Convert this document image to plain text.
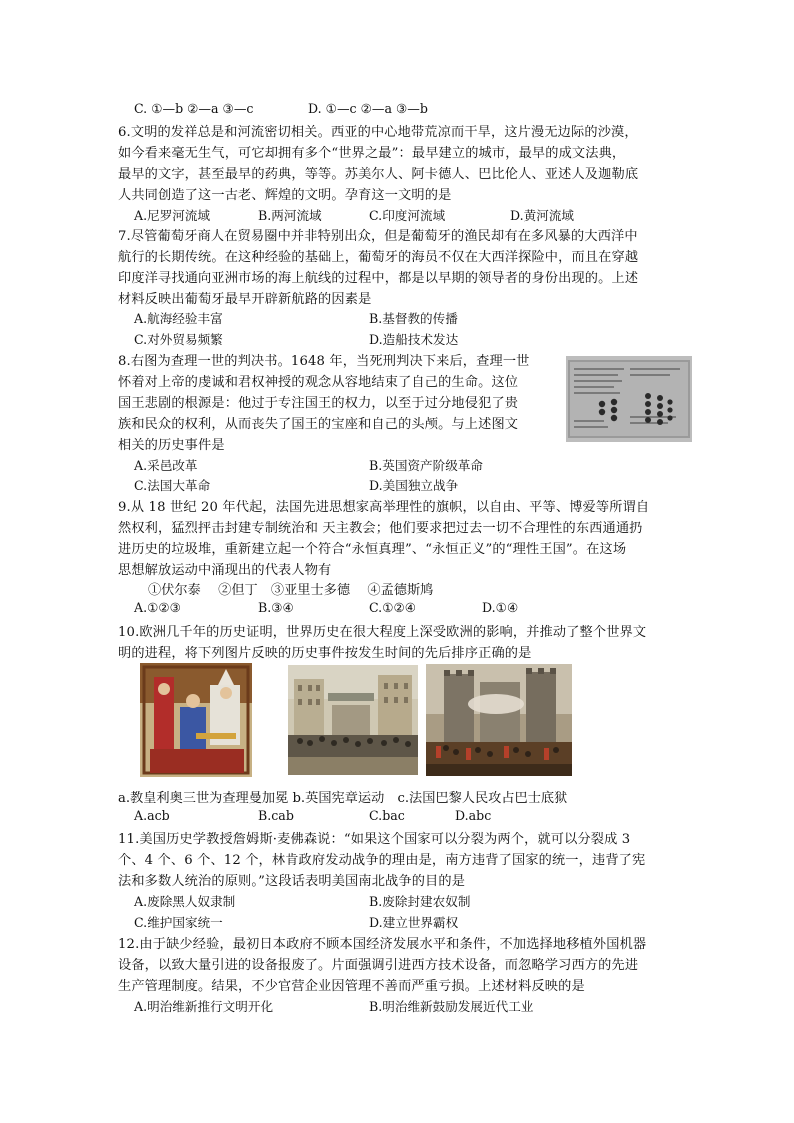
C. ①—b ②—a ③—c	D. ①—c ②—a ③—b
6.文明的发祥总是和河流密切相关。西亚的中心地带荒凉而干旱，这片漫无边际的沙漠，
如今看来毫无生气，可它却拥有多个“世界之最”：最早建立的城市，最早的成文法典，
最早的文字，甚至最早的药典，等等。苏美尔人、阿卡德人、巴比伦人、亚述人及迦勒底
人共同创造了这一古老、辉煌的文明。孕育这一文明的是
A.尼罗河流域	B.两河流域	C.印度河流域	D.黄河流域
7.尽管葡萄牙商人在贸易圈中并非特别出众，但是葡萄牙的渔民却有在多风暴的大西洋中
航行的长期传统。在这种经验的基础上，葡萄牙的海员不仅在大西洋探险中，而且在穿越
印度洋寻找通向亚洲市场的海上航线的过程中，都是以早期的领导者的身份出现的。上述
材料反映出葡萄牙最早开辟新航路的因素是
A.航海经验丰富	B.基督教的传播
C.对外贸易频繁	D.造船技术发达
8.右图为查理一世的判决书。1648 年，当死刑判决下来后，查理一世
怀着对上帝的虔诚和君权神授的观念从容地结束了自己的生命。这位
国王悲剧的根源是：他过于专注国王的权力，以至于过分地侵犯了贵
族和民众的权利，从而丧失了国王的宝座和自己的头颅。与上述图文
相关的历史事件是
A.采邑改革	B.英国资产阶级革命
C.法国大革命	D.美国独立战争
9.从 18 世纪 20 年代起，法国先进思想家高举理性的旗帜，以自由、平等、博爱等所谓自
然权利，猛烈抨击封建专制统治和 天主教会；他们要求把过去一切不合理性的东西通通扔
进历史的垃圾堆，重新建立起一个符合“永恒真理”、“永恒正义”的“理性王国”。在这场
思想解放运动中涌现出的代表人物有
①伏尔泰　 ②但丁　③亚里士多德　 ④孟德斯鸠
A.①②③	B.③④	C.①②④	D.①④
10.欧洲几千年的历史证明，世界历史在很大程度上深受欧洲的影响，并推动了整个世界文
明的进程，将下列图片反映的历史事件按发生时间的先后排序正确的是
a.教皇利奥三世为查理曼加冕 b.英国宪章运动　c.法国巴黎人民攻占巴士底狱
A.acb	B.cab	C.bac	D.abc
11.美国历史学教授詹姆斯·麦佛森说：“如果这个国家可以分裂为两个，就可以分裂成 3
个、4 个、6 个、12 个，林肯政府发动战争的理由是，南方违背了国家的统一，违背了宪
法和多数人统治的原则。”这段话表明美国南北战争的目的是
A.废除黑人奴隶制	B.废除封建农奴制
C.维护国家统一	D.建立世界霸权
12.由于缺少经验，最初日本政府不顾本国经济发展水平和条件，不加选择地移植外国机器
设备，以致大量引进的设备报废了。片面强调引进西方技术设备，而忽略学习西方的先进
生产管理制度。结果，不少官营企业因管理不善而严重亏损。上述材料反映的是
A.明治维新推行文明开化	B.明治维新鼓励发展近代工业
